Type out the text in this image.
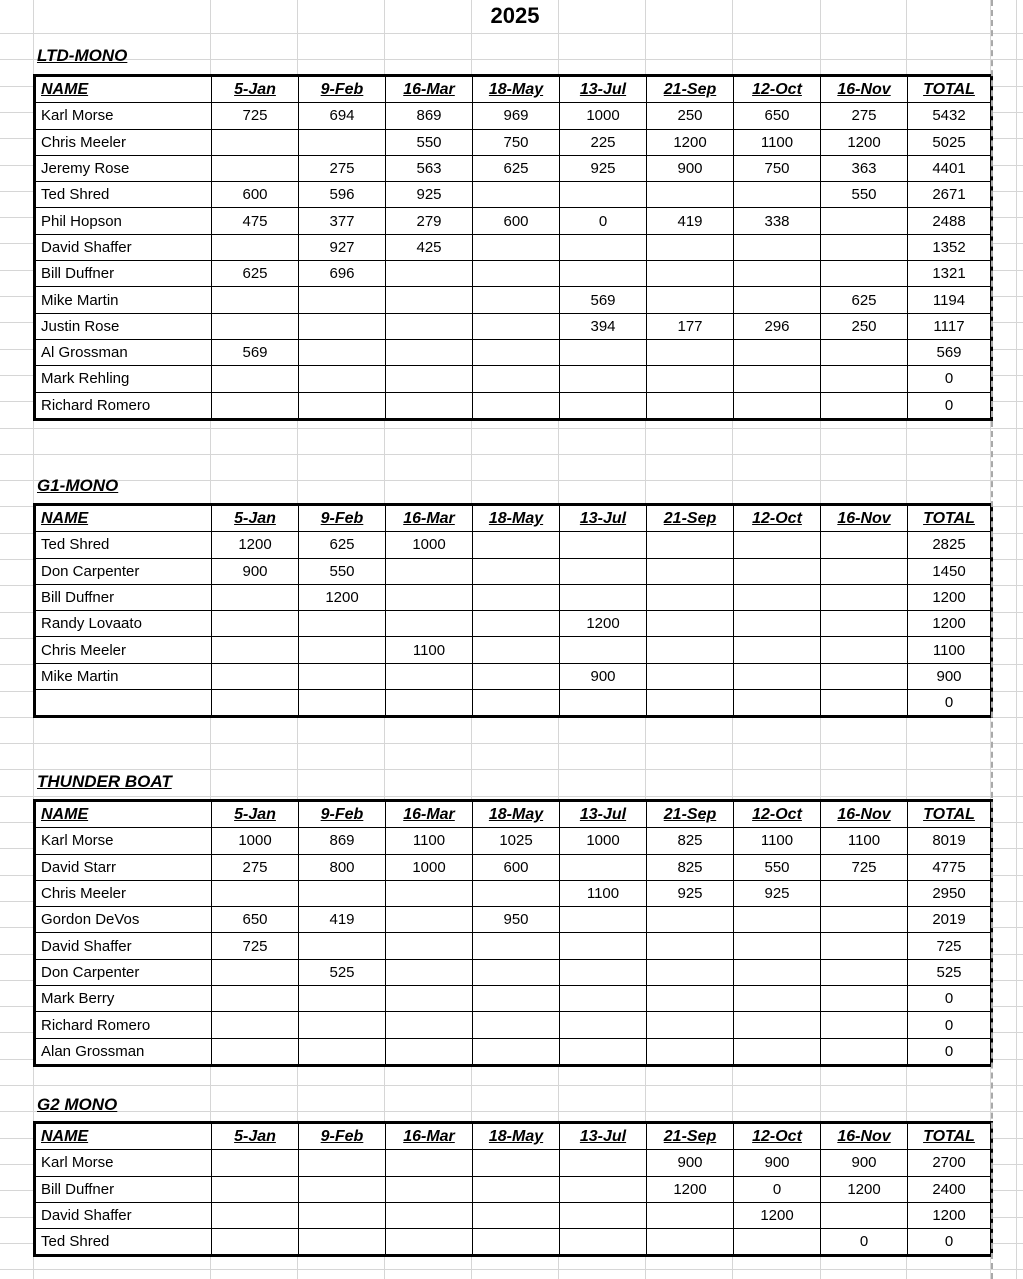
2025
LTD-MONO
NAME	5-Jan	9-Feb	16-Mar	18-May	13-Jul	21-Sep	12-Oct	16-Nov	TOTAL
Karl Morse	725	694	869	969	1000	250	650	275	5432
Chris Meeler			550	750	225	1200	1100	1200	5025
Jeremy Rose		275	563	625	925	900	750	363	4401
Ted Shred	600	596	925					550	2671
Phil Hopson	475	377	279	600	0	419	338		2488
David Shaffer		927	425						1352
Bill Duffner	625	696							1321
Mike Martin					569			625	1194
Justin Rose					394	177	296	250	1117
Al Grossman	569								569
Mark Rehling									0
Richard Romero									0
G1-MONO
NAME	5-Jan	9-Feb	16-Mar	18-May	13-Jul	21-Sep	12-Oct	16-Nov	TOTAL
Ted Shred	1200	625	1000						2825
Don Carpenter	900	550							1450
Bill Duffner		1200							1200
Randy Lovaato					1200				1200
Chris Meeler			1100						1100
Mike Martin					900				900
									0
THUNDER BOAT
NAME	5-Jan	9-Feb	16-Mar	18-May	13-Jul	21-Sep	12-Oct	16-Nov	TOTAL
Karl Morse	1000	869	1100	1025	1000	825	1100	1100	8019
David Starr	275	800	1000	600		825	550	725	4775
Chris Meeler					1100	925	925		2950
Gordon DeVos	650	419		950					2019
David Shaffer	725								725
Don Carpenter		525							525
Mark Berry									0
Richard Romero									0
Alan Grossman									0
G2 MONO
NAME	5-Jan	9-Feb	16-Mar	18-May	13-Jul	21-Sep	12-Oct	16-Nov	TOTAL
Karl Morse						900	900	900	2700
Bill Duffner						1200	0	1200	2400
David Shaffer							1200		1200
Ted Shred								0	0
